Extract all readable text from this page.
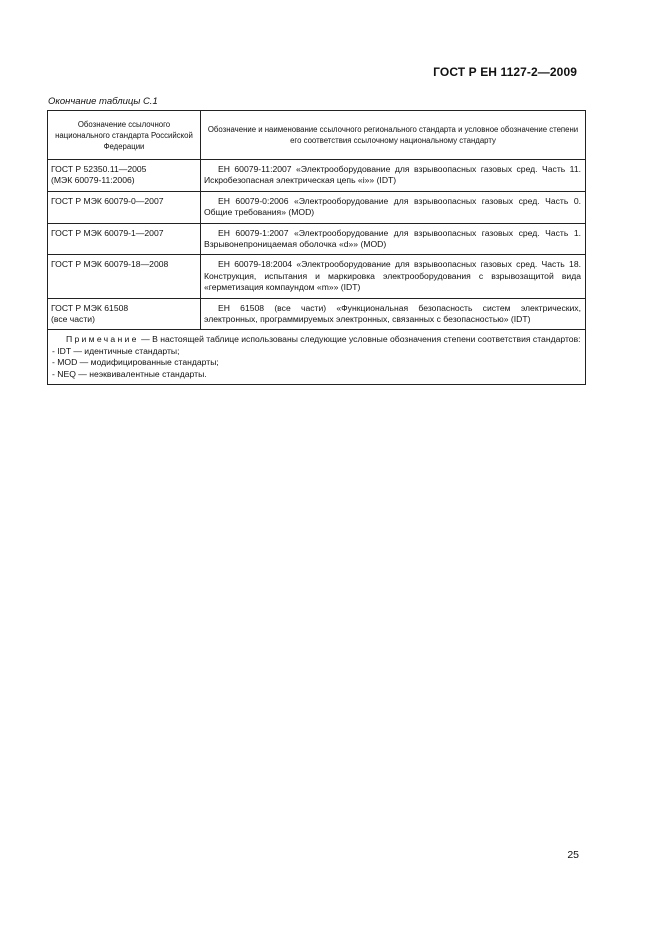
ГОСТ Р ЕН 1127-2—2009
Окончание таблицы С.1
Обозначение ссылочного национального стандарта Российской Федерации	Обозначение и наименование ссылочного регионального стандарта и условное обозначение степени его соответствия ссылочному национальному стандарту

ГОСТ Р 52350.11—2005
(МЭК 60079-11:2006)	ЕН 60079-11:2007 «Электрооборудование для взрывоопасных газовых сред. Часть 11. Искробезопасная электрическая цепь «i»» (IDT)

ГОСТ Р МЭК 60079-0—2007	ЕН 60079-0:2006 «Электрооборудование для взрывоопасных газовых сред. Часть 0. Общие требования» (MOD)

ГОСТ Р МЭК 60079-1—2007	ЕН 60079-1:2007 «Электрооборудование для взрывоопасных газовых сред. Часть 1. Взрывонепроницаемая оболочка «d»» (MOD)

ГОСТ Р МЭК 60079-18—2008	ЕН 60079-18:2004 «Электрооборудование для взрывоопасных газовых сред. Часть 18. Конструкция, испытания и маркировка электрооборудования с взрывозащитой вида «герметизация компаундом «m»» (IDT)

ГОСТ Р МЭК 61508
(все части)	ЕН 61508 (все части) «Функциональная безопасность систем электрических, электронных, программируемых электронных, связанных с безопасностью» (IDT)

Примечание — В настоящей таблице использованы следующие условные обозначения степени соответствия стандартов:
- IDT — идентичные стандарты;
- MOD — модифицированные стандарты;
- NEQ — неэквивалентные стандарты.	
25
